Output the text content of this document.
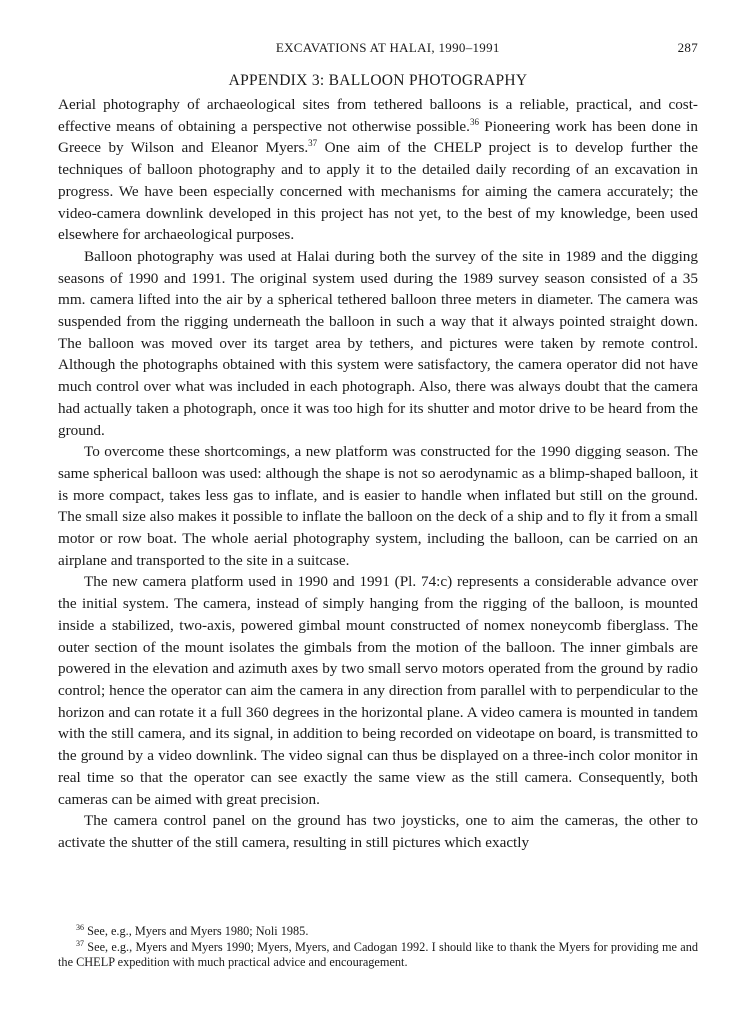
EXCAVATIONS AT HALAI, 1990–1991	287
APPENDIX 3: BALLOON PHOTOGRAPHY

Aerial photography of archaeological sites from tethered balloons is a reliable, practical, and cost-effective means of obtaining a perspective not otherwise possible.$^{36}$ Pioneering work has been done in Greece by Wilson and Eleanor Myers.$^{37}$ One aim of the CHELP project is to develop further the techniques of balloon photography and to apply it to the detailed daily recording of an excavation in progress. We have been especially concerned with mechanisms for aiming the camera accurately; the video-camera downlink developed in this project has not yet, to the best of my knowledge, been used elsewhere for archaeological purposes.

Balloon photography was used at Halai during both the survey of the site in 1989 and the digging seasons of 1990 and 1991. The original system used during the 1989 survey season consisted of a 35 mm. camera lifted into the air by a spherical tethered balloon three meters in diameter. The camera was suspended from the rigging underneath the balloon in such a way that it always pointed straight down. The balloon was moved over its target area by tethers, and pictures were taken by remote control. Although the photographs obtained with this system were satisfactory, the camera operator did not have much control over what was included in each photograph. Also, there was always doubt that the camera had actually taken a photograph, once it was too high for its shutter and motor drive to be heard from the ground.

To overcome these shortcomings, a new platform was constructed for the 1990 digging season. The same spherical balloon was used: although the shape is not so aerodynamic as a blimp-shaped balloon, it is more compact, takes less gas to inflate, and is easier to handle when inflated but still on the ground. The small size also makes it possible to inflate the balloon on the deck of a ship and to fly it from a small motor or row boat. The whole aerial photography system, including the balloon, can be carried on an airplane and transported to the site in a suitcase.

The new camera platform used in 1990 and 1991 (Pl. 74:c) represents a considerable advance over the initial system. The camera, instead of simply hanging from the rigging of the balloon, is mounted inside a stabilized, two-axis, powered gimbal mount constructed of nomex noneycomb fiberglass. The outer section of the mount isolates the gimbals from the motion of the balloon. The inner gimbals are powered in the elevation and azimuth axes by two small servo motors operated from the ground by radio control; hence the operator can aim the camera in any direction from parallel with to perpendicular to the horizon and can rotate it a full 360 degrees in the horizontal plane. A video camera is mounted in tandem with the still camera, and its signal, in addition to being recorded on videotape on board, is transmitted to the ground by a video downlink. The video signal can thus be displayed on a three-inch color monitor in real time so that the operator can see exactly the same view as the still camera. Consequently, both cameras can be aimed with great precision.

The camera control panel on the ground has two joysticks, one to aim the cameras, the other to activate the shutter of the still camera, resulting in still pictures which exactly

$^{36}$ See, e.g., Myers and Myers 1980; Noli 1985.

$^{37}$ See, e.g., Myers and Myers 1990; Myers, Myers, and Cadogan 1992. I should like to thank the Myers for providing me and the CHELP expedition with much practical advice and encouragement.
